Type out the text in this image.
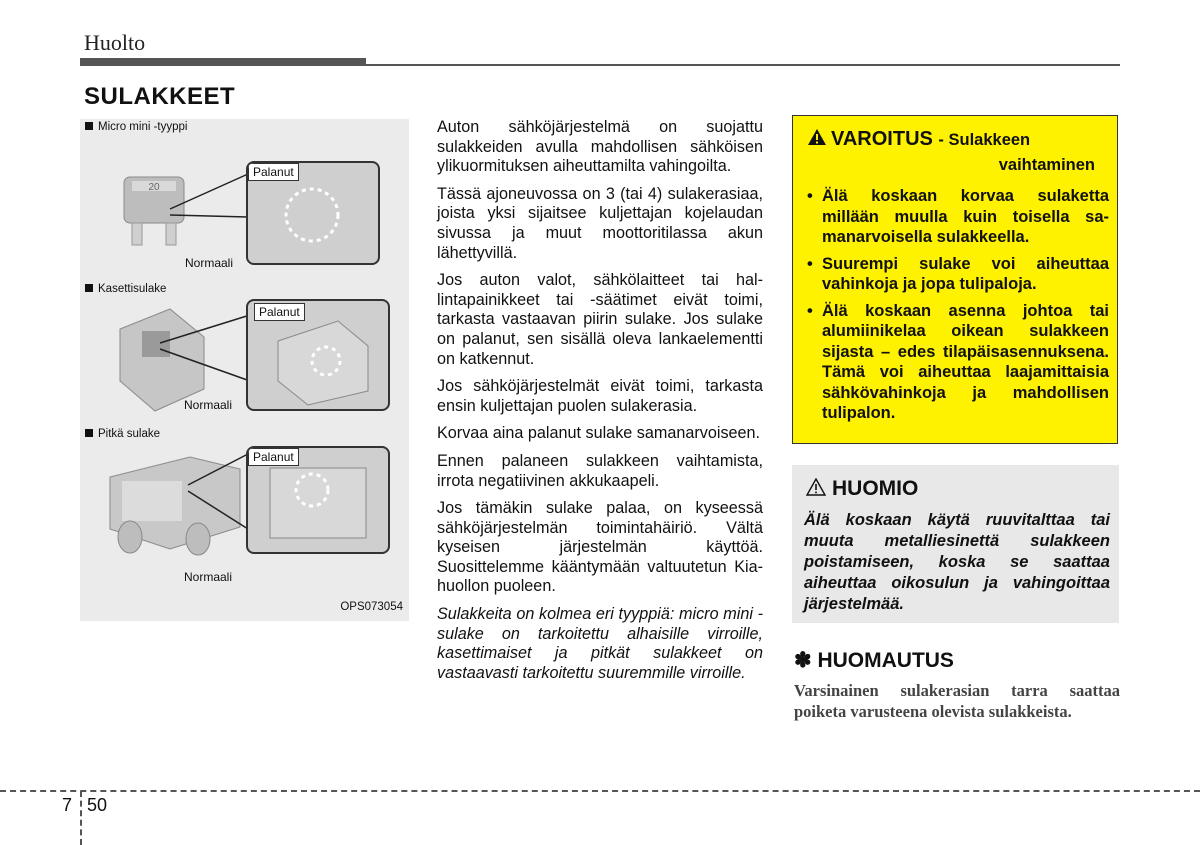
Huolto
SULAKKEET
Micro mini -tyyppi
20
Palanut
Normaali
Kasettisulake
Palanut
Normaali
Pitkä sulake
Palanut
Normaali
OPS073054

Auton sähköjärjestelmä on suojattu sulakkeiden avulla mahdollisen sähköisen ylikuormituksen aiheuttamilta vahingoilta.

Tässä ajoneuvossa on 3 (tai 4) sulakerasiaa, joista yksi sijaitsee kuljettajan kojelaudan sivussa ja muut moottoritilassa akun lähettyvillä.

Jos auton valot, sähkölaitteet tai hallintapainikkeet tai -säätimet eivät toimi, tarkasta vastaavan piirin sulake. Jos sulake on palanut, sen sisällä oleva lankaelementti on katkennut.

Jos sähköjärjestelmät eivät toimi, tarkasta ensin kuljettajan puolen sulakerasia.

Korvaa aina palanut sulake samanarvoiseen.

Ennen palaneen sulakkeen vaihtamista, irrota negatiivinen akkukaapeli.

Jos tämäkin sulake palaa, on kyseessä sähköjärjestelmän toimintahäiriö. Vältä kyseisen järjestelmän käyttöä. Suosittelemme kääntymään valtuutetun Kia-huollon puoleen.

Sulakkeita on kolmea eri tyyppiä: micro mini -sulake on tarkoitettu alhaisille virroille, kasettimaiset ja pitkät sulakkeet on vastaavasti tarkoitettu suuremmille virroille.

VAROITUS - Sulakkeen
vaihtaminen
• Älä koskaan korvaa sulaketta millään muulla kuin toisella samanarvoisella sulakkeella.
• Suurempi sulake voi aiheuttaa vahinkoja ja jopa tulipaloja.
• Älä koskaan asenna johtoa tai alumiinikelaa oikean sulakkeen sijasta – edes tilapäisasennuksena. Tämä voi aiheuttaa laajamittaisia sähkövahinkoja ja mahdollisen tulipalon.
HUOMIO
Älä koskaan käytä ruuvitalttaa tai muuta metalliesinettä sulakkeen poistamiseen, koska se saattaa aiheuttaa oikosulun ja vahingoittaa järjestelmää.
✽ HUOMAUTUS
Varsinainen sulakerasian tarra saattaa poiketa varusteena olevista sulakkeista.
7 50
